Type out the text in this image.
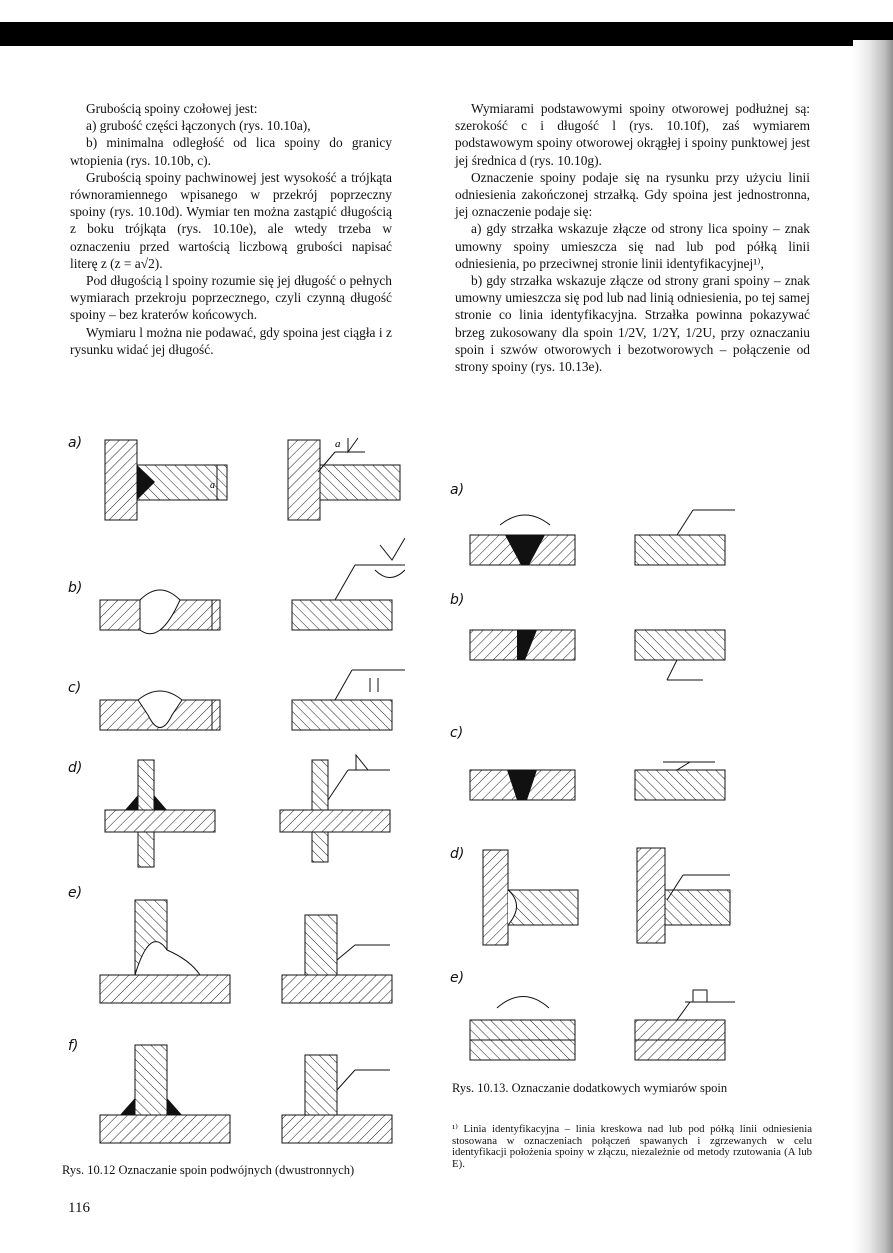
Grubością spoiny czołowej jest:

a) grubość części łączonych (rys. 10.10a),

b) minimalna odległość od lica spoiny do granicy wtopienia (rys. 10.10b, c).

Grubością spoiny pachwinowej jest wysokość a trójkąta równoramiennego wpisanego w przekrój poprzeczny spoiny (rys. 10.10d). Wymiar ten można zastąpić długością z boku trójkąta (rys. 10.10e), ale wtedy trzeba w oznaczeniu przed wartością liczbową grubości napisać literę z (z = a√2).

Pod długością l spoiny rozumie się jej długość o pełnych wymiarach przekroju poprzecznego, czyli czynną długość spoiny – bez kraterów końcowych.

Wymiaru l można nie podawać, gdy spoina jest ciągła i z rysunku widać jej długość.

Wymiarami podstawowymi spoiny otworowej podłużnej są: szerokość c i długość l (rys. 10.10f), zaś wymiarem podstawowym spoiny otworowej okrągłej i spoiny punktowej jest jej średnica d (rys. 10.10g).

Oznaczenie spoiny podaje się na rysunku przy użyciu linii odniesienia zakończonej strzałką. Gdy spoina jest jednostronna, jej oznaczenie podaje się:

a) gdy strzałka wskazuje złącze od strony lica spoiny – znak umowny spoiny umieszcza się nad lub pod półką linii odniesienia, po przeciwnej stronie linii identyfikacyjnej¹⁾,

b) gdy strzałka wskazuje złącze od strony grani spoiny – znak umowny umieszcza się pod lub nad linią odniesienia, po tej samej stronie co linia identyfikacyjna. Strzałka powinna pokazywać brzeg zukosowany dla spoin 1/2V, 1/2Y, 1/2U, przy oznaczaniu spoin i szwów otworowych i bezotworowych – połączenie od strony spoiny (rys. 10.13e).

a
a
a)
b)
c)
d)
e)
f)
Rys. 10.12 Oznaczanie spoin podwójnych (dwustronnych)
a)
b)
c)
d)
e)
Rys. 10.13. Oznaczanie dodatkowych wymiarów spoin
¹⁾ Linia identyfikacyjna – linia kreskowa nad lub pod półką linii odniesienia stosowana w oznaczeniach połączeń spawanych i zgrzewanych w celu identyfikacji położenia spoiny w złączu, niezależnie od metody rzutowania (A lub E).
116
